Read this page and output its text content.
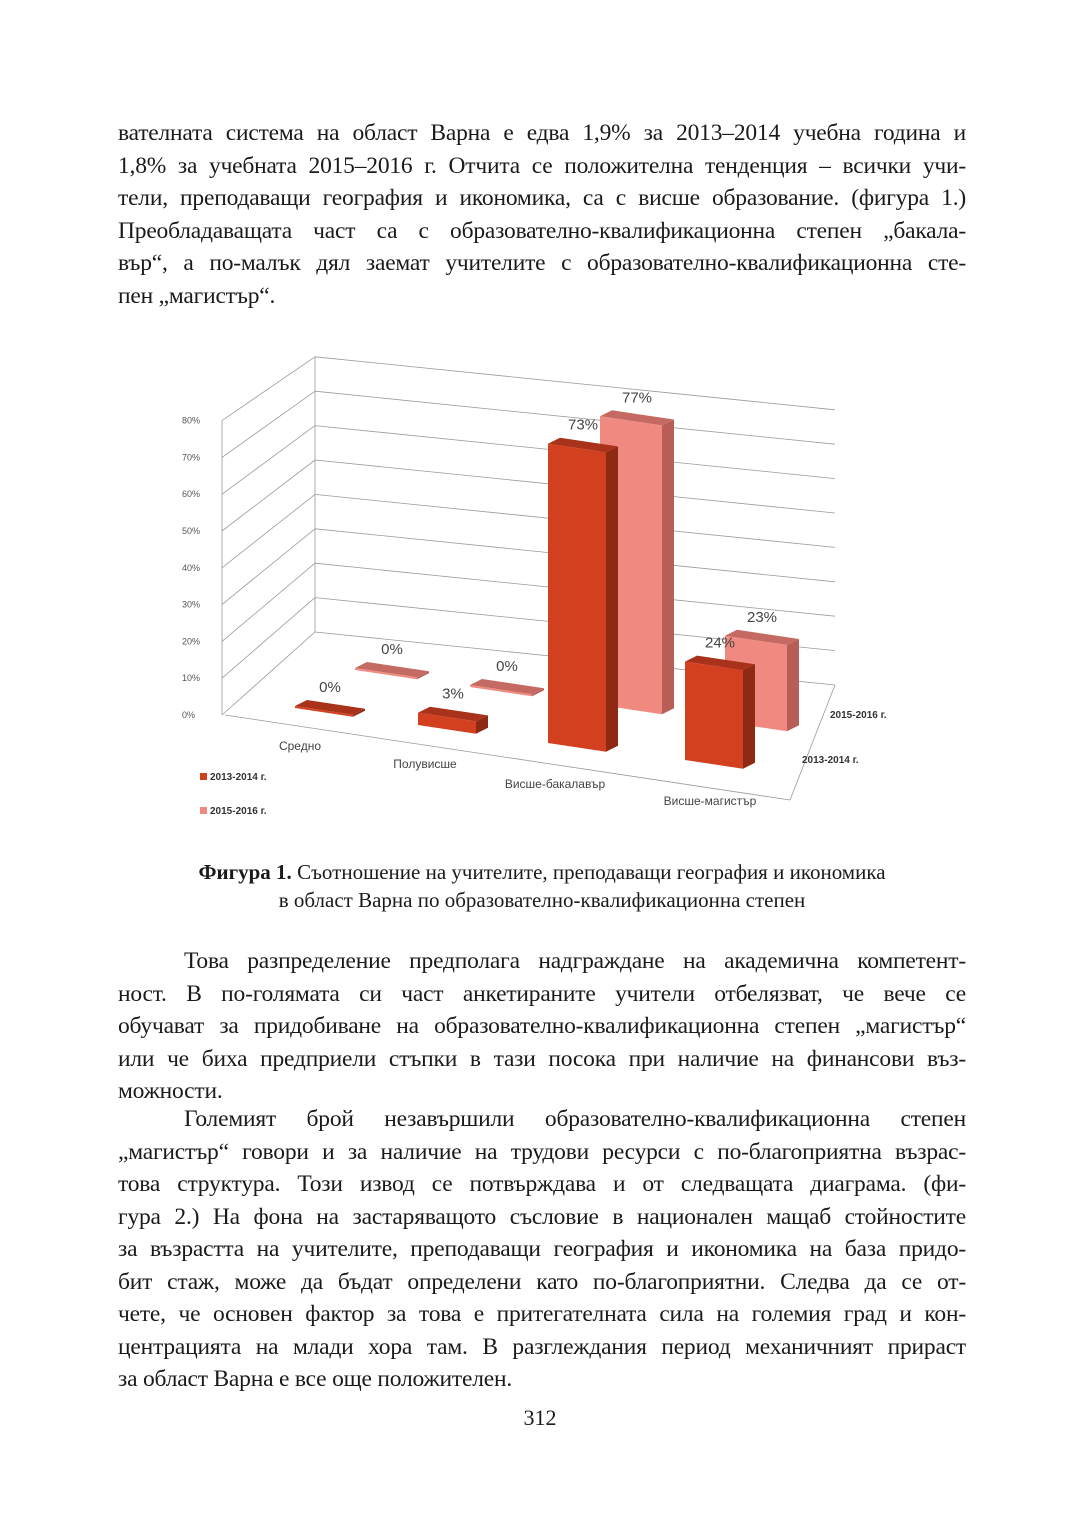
вателната система на област Варна е едва 1,9% за 2013–2014 учебна година и
1,8% за учебната 2015–2016 г. Отчита се положителна тенденция – всички учи-
тели, преподаващи география и икономика, са с висше образование. (фигура 1.)
Преобладаващата част са с образователно-квалификационна степен „бакала-
вър“, а по-малък дял заемат учителите с образователно-квалификационна сте-
пен „магистър“.
0%
10%
20%
30%
40%
50%
60%
70%
80%
0%
0%
77%
23%
0%	3%
73%
24%
Средно
Полувисше
Висше-бакалавър
Висше-магистър
2015-2016 г.
2013-2014 г.
2013-2014 г.
2015-2016 г.
Фигура 1. Съотношение на учителите, преподаващи география и икономика
в област Варна по образователно-квалификационна степен
Това разпределение предполага надграждане на академична компетент-
ност. В по-голямата си част анкетираните учители отбелязват, че вече се
обучават за придобиване на образователно-квалификационна степен „магистър“
или че биха предприели стъпки в тази посока при наличие на финансови въз-
можности.
Големият брой незавършили образователно-квалификационна степен
„магистър“ говори и за наличие на трудови ресурси с по-благоприятна възрас-
това структура. Този извод се потвърждава и от следващата диаграма. (фи-
гура 2.) На фона на застаряващото съсловие в национален мащаб стойностите
за възрастта на учителите, преподаващи география и икономика на база придо-
бит стаж, може да бъдат определени като по-благоприятни. Следва да се от-
чете, че основен фактор за това е притегателната сила на големия град и кон-
центрацията на млади хора там. В разглеждания период механичният прираст
за област Варна е все още положителен.
312
